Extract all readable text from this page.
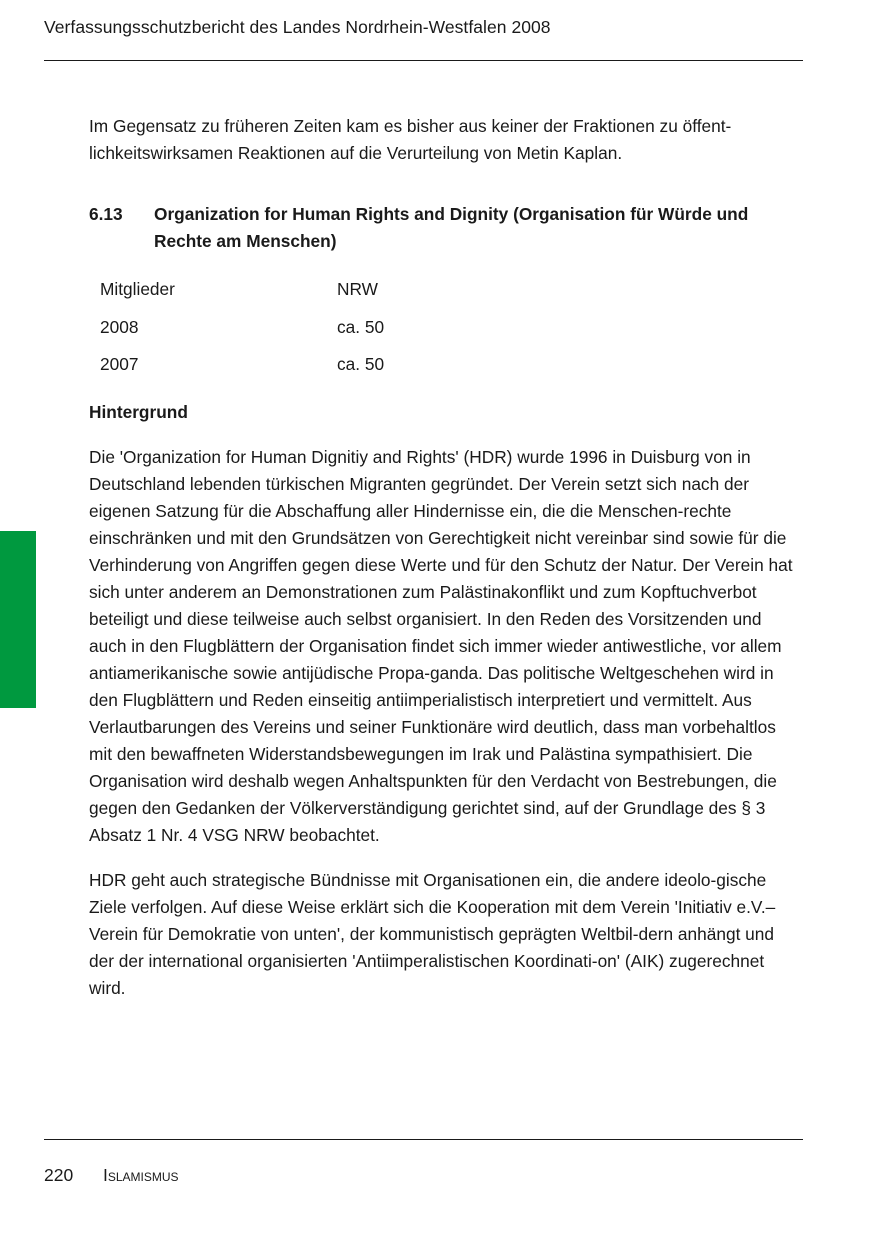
Verfassungsschutzbericht des Landes Nordrhein-Westfalen 2008

Im Gegensatz zu früheren Zeiten kam es bisher aus keiner der Fraktionen zu öffent-lichkeitswirksamen Reaktionen auf die Verurteilung von Metin Kaplan.

6.13	Organization for Human Rights and Dignity (Organisation für Würde und Rechte am Menschen)
Mitglieder	NRW
2008	ca. 50
2007	ca. 50

Hintergrund

Die 'Organization for Human Dignitiy and Rights' (HDR) wurde 1996 in Duisburg von in Deutschland lebenden türkischen Migranten gegründet. Der Verein setzt sich nach der eigenen Satzung für die Abschaffung aller Hindernisse ein, die die Menschen-rechte einschränken und mit den Grundsätzen von Gerechtigkeit nicht vereinbar sind sowie für die Verhinderung von Angriffen gegen diese Werte und für den Schutz der Natur. Der Verein hat sich unter anderem an Demonstrationen zum Palästinakonflikt und zum Kopftuchverbot beteiligt und diese teilweise auch selbst organisiert. In den Reden des Vorsitzenden und auch in den Flugblättern der Organisation findet sich immer wieder antiwestliche, vor allem antiamerikanische sowie antijüdische Propa-ganda. Das politische Weltgeschehen wird in den Flugblättern und Reden einseitig antiimperialistisch interpretiert und vermittelt. Aus Verlautbarungen des Vereins und seiner Funktionäre wird deutlich, dass man vorbehaltlos mit den bewaffneten Widerstandsbewegungen im Irak und Palästina sympathisiert. Die Organisation wird deshalb wegen Anhaltspunkten für den Verdacht von Bestrebungen, die gegen den Gedanken der Völkerverständigung gerichtet sind, auf der Grundlage des § 3 Absatz 1 Nr. 4 VSG NRW beobachtet.

HDR geht auch strategische Bündnisse mit Organisationen ein, die andere ideolo-gische Ziele verfolgen. Auf diese Weise erklärt sich die Kooperation mit dem Verein 'Initiativ e.V.– Verein für Demokratie von unten', der kommunistisch geprägten Weltbil-dern anhängt und der der international organisierten 'Antiimperalistischen Koordinati-on' (AIK) zugerechnet wird.

220 Islamismus
